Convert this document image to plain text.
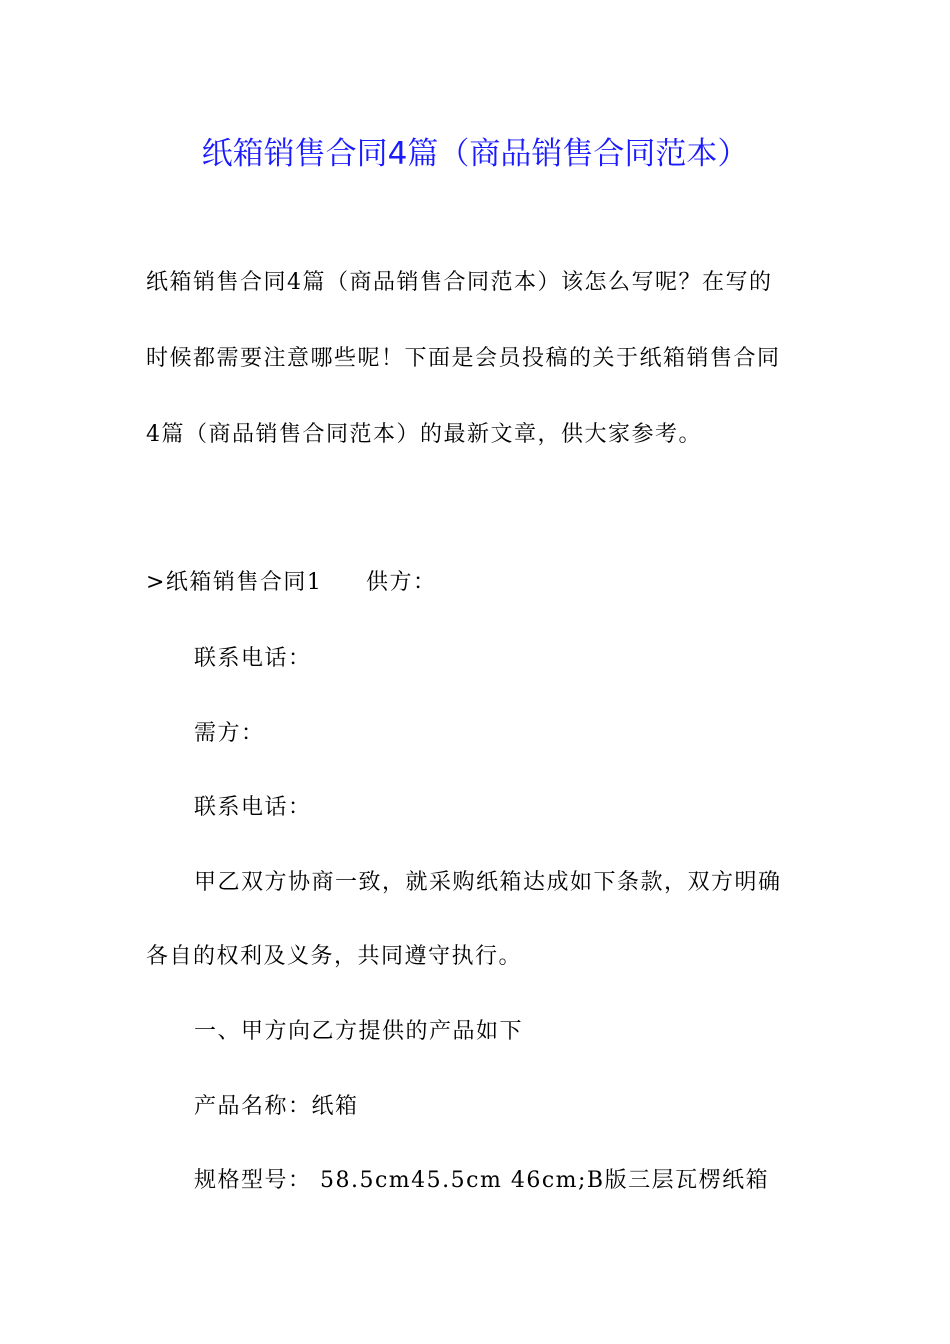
纸箱销售合同4篇（商品销售合同范本）

纸箱销售合同4篇（商品销售合同范本）该怎么写呢？在写的

时候都需要注意哪些呢！下面是会员投稿的关于纸箱销售合同

4篇（商品销售合同范本）的最新文章，供大家参考。

>纸箱销售合同1 供方：

联系电话：

需方：

联系电话：

甲乙双方协商一致，就采购纸箱达成如下条款，双方明确

各自的权利及义务，共同遵守执行。

一、甲方向乙方提供的产品如下

产品名称：纸箱

规格型号： 58.5cm45.5cm 46cm;B版三层瓦楞纸箱
